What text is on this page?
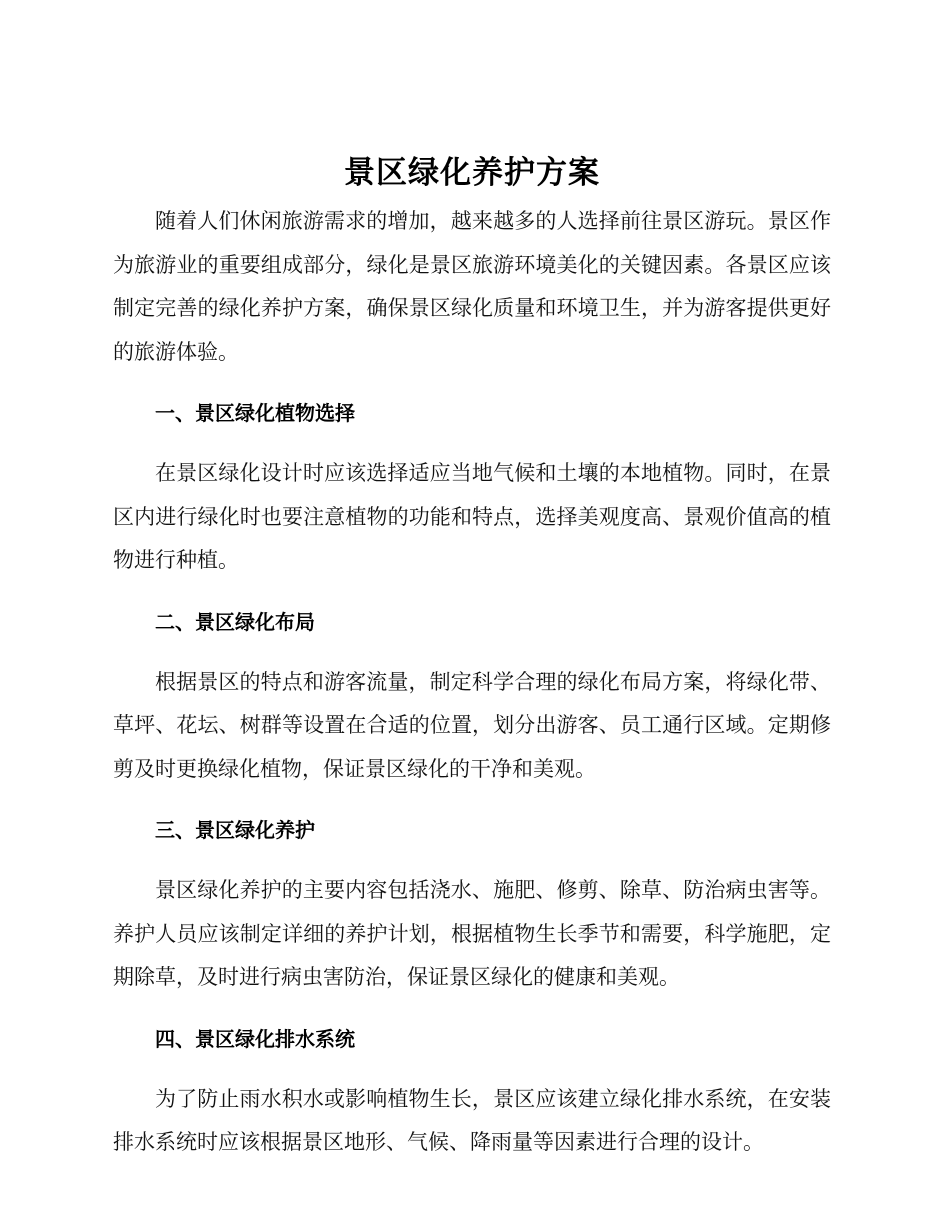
景区绿化养护方案

随着人们休闲旅游需求的增加，越来越多的人选择前往景区游玩。景区作为旅游业的重要组成部分，绿化是景区旅游环境美化的关键因素。各景区应该制定完善的绿化养护方案，确保景区绿化质量和环境卫生，并为游客提供更好的旅游体验。

一、景区绿化植物选择

在景区绿化设计时应该选择适应当地气候和土壤的本地植物。同时，在景区内进行绿化时也要注意植物的功能和特点，选择美观度高、景观价值高的植物进行种植。

二、景区绿化布局

根据景区的特点和游客流量，制定科学合理的绿化布局方案，将绿化带、草坪、花坛、树群等设置在合适的位置，划分出游客、员工通行区域。定期修剪及时更换绿化植物，保证景区绿化的干净和美观。

三、景区绿化养护

景区绿化养护的主要内容包括浇水、施肥、修剪、除草、防治病虫害等。养护人员应该制定详细的养护计划，根据植物生长季节和需要，科学施肥，定期除草，及时进行病虫害防治，保证景区绿化的健康和美观。

四、景区绿化排水系统

为了防止雨水积水或影响植物生长，景区应该建立绿化排水系统，在安装排水系统时应该根据景区地形、气候、降雨量等因素进行合理的设计。
